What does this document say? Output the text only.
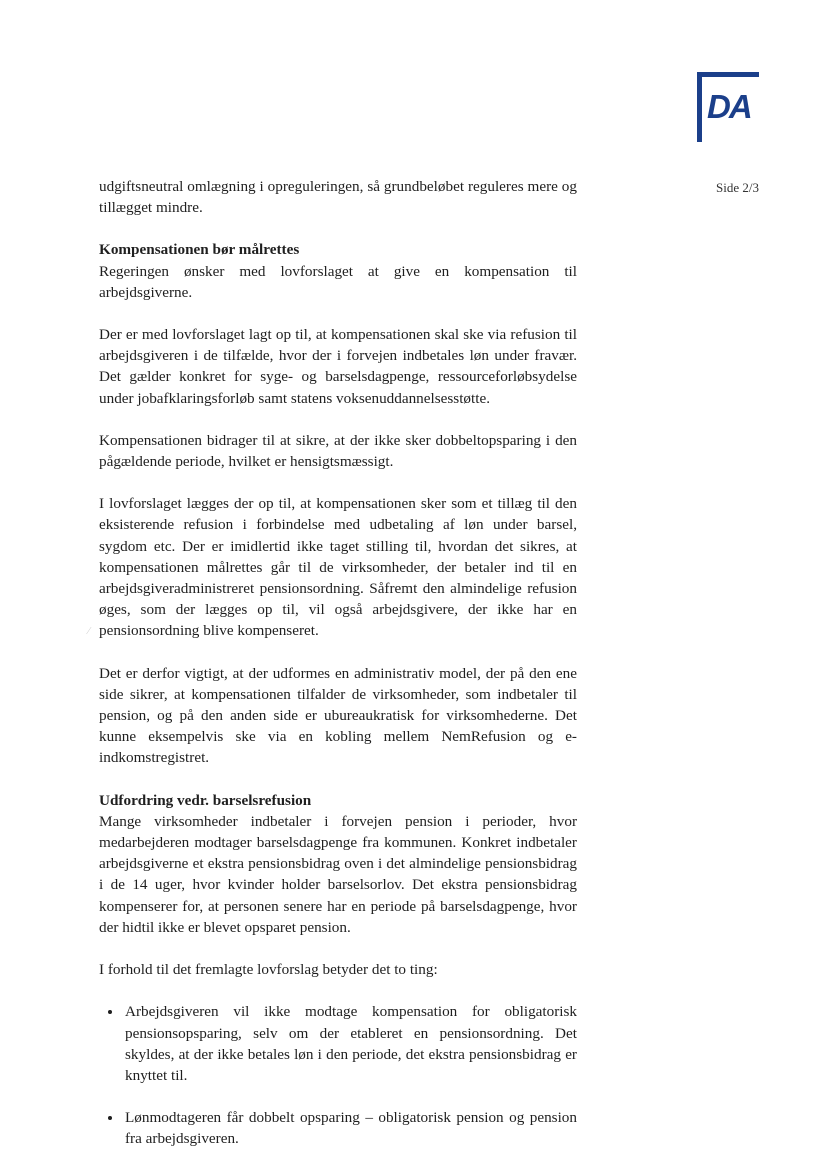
DA
Side 2/3
⁄

udgiftsneutral omlægning i opreguleringen, så grundbeløbet reguleres mere og tillægget mindre.

Kompensationen bør målrettes

Regeringen ønsker med lovforslaget at give en kompensation til arbejdsgiverne.

Der er med lovforslaget lagt op til, at kompensationen skal ske via refusion til arbejdsgiveren i de tilfælde, hvor der i forvejen indbetales løn under fravær. Det gælder konkret for syge- og barselsdagpenge, ressourceforløbsydelse under jobafklaringsforløb samt statens voksenuddannelsesstøtte.

Kompensationen bidrager til at sikre, at der ikke sker dobbeltopsparing i den pågældende periode, hvilket er hensigtsmæssigt.

I lovforslaget lægges der op til, at kompensationen sker som et tillæg til den eksisterende refusion i forbindelse med udbetaling af løn under barsel, sygdom etc. Der er imidlertid ikke taget stilling til, hvordan det sikres, at kompensationen målrettes går til de virksomheder, der betaler ind til en arbejdsgiveradministreret pensionsordning. Såfremt den almindelige refusion øges, som der lægges op til, vil også arbejdsgivere, der ikke har en pensionsordning blive kompenseret.

Det er derfor vigtigt, at der udformes en administrativ model, der på den ene side sikrer, at kompensationen tilfalder de virksomheder, som indbetaler til pension, og på den anden side er ubureaukratisk for virksomhederne. Det kunne eksempelvis ske via en kobling mellem NemRefusion og e-indkomstregistret.

Udfordring vedr. barselsrefusion

Mange virksomheder indbetaler i forvejen pension i perioder, hvor medarbejderen modtager barselsdagpenge fra kommunen. Konkret indbetaler arbejdsgiverne et ekstra pensionsbidrag oven i det almindelige pensionsbidrag i de 14 uger, hvor kvinder holder barselsorlov. Det ekstra pensionsbidrag kompenserer for, at personen senere har en periode på barselsdagpenge, hvor der hidtil ikke er blevet opsparet pension.

I forhold til det fremlagte lovforslag betyder det to ting:

• Arbejdsgiveren vil ikke modtage kompensation for obligatorisk pensionsopsparing, selv om der etableret en pensionsordning. Det skyldes, at der ikke betales løn i den periode, det ekstra pensionsbidrag er knyttet til.
• Lønmodtageren får dobbelt opsparing – obligatorisk pension og pension fra arbejdsgiveren.
